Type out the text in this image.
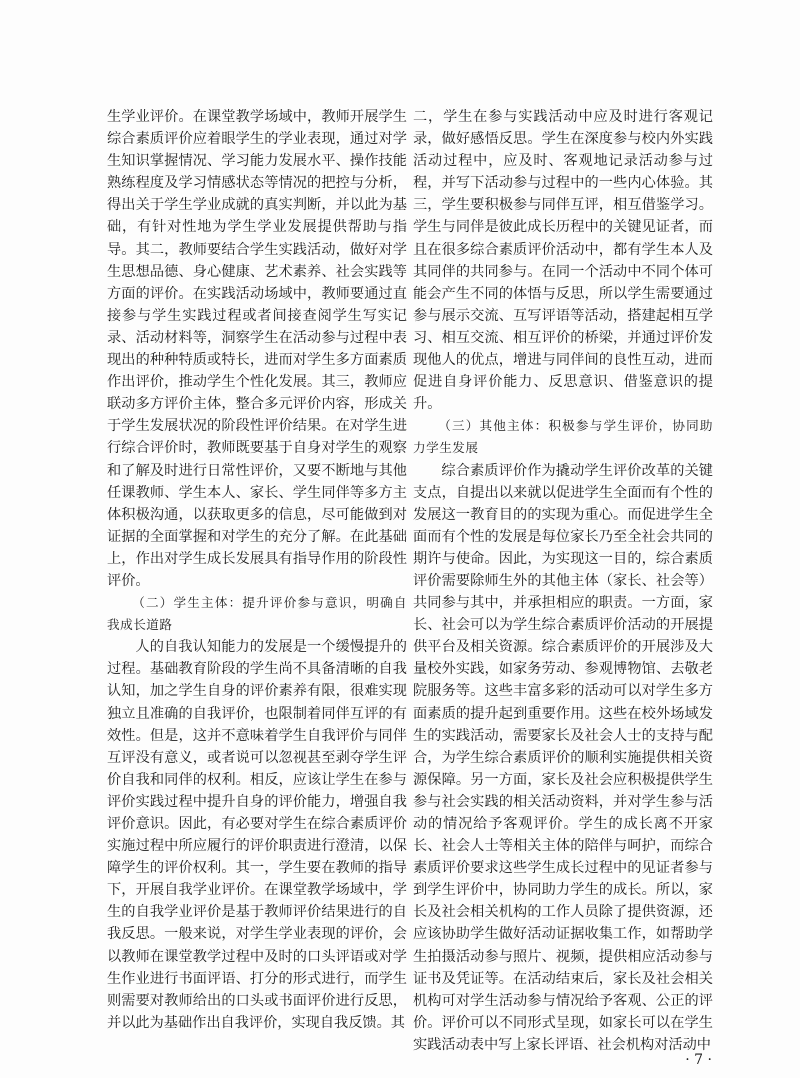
生学业评价。在课堂教学场域中，教师开展学生综合素质评价应着眼学生的学业表现，通过对学生知识掌握情况、学习能力发展水平、操作技能熟练程度及学习情感状态等情况的把控与分析，得出关于学生学业成就的真实判断，并以此为基础，有针对性地为学生学业发展提供帮助与指导。其二，教师要结合学生实践活动，做好对学生思想品德、身心健康、艺术素养、社会实践等方面的评价。在实践活动场域中，教师要通过直接参与学生实践过程或者间接查阅学生写实记录、活动材料等，洞察学生在活动参与过程中表现出的种种特质或特长，进而对学生多方面素质作出评价，推动学生个性化发展。其三，教师应联动多方评价主体，整合多元评价内容，形成关于学生发展状况的阶段性评价结果。在对学生进行综合评价时，教师既要基于自身对学生的观察和了解及时进行日常性评价，又要不断地与其他任课教师、学生本人、家长、学生同伴等多方主体积极沟通，以获取更多的信息，尽可能做到对证据的全面掌握和对学生的充分了解。在此基础上，作出对学生成长发展具有指导作用的阶段性评价。

（二）学生主体：提升评价参与意识，明确自我成长道路

人的自我认知能力的发展是一个缓慢提升的过程。基础教育阶段的学生尚不具备清晰的自我认知，加之学生自身的评价素养有限，很难实现独立且准确的自我评价，也限制着同伴互评的有效性。但是，这并不意味着学生自我评价与同伴互评没有意义，或者说可以忽视甚至剥夺学生评价自我和同伴的权利。相反，应该让学生在参与评价实践过程中提升自身的评价能力，增强自我评价意识。因此，有必要对学生在综合素质评价实施过程中所应履行的评价职责进行澄清，以保障学生的评价权利。其一，学生要在教师的指导下，开展自我学业评价。在课堂教学场域中，学生的自我学业评价是基于教师评价结果进行的自我反思。一般来说，对学生学业表现的评价，会以教师在课堂教学过程中及时的口头评语或对学生作业进行书面评语、打分的形式进行，而学生则需要对教师给出的口头或书面评价进行反思，并以此为基础作出自我评价，实现自我反馈。其

二，学生在参与实践活动中应及时进行客观记录，做好感悟反思。学生在深度参与校内外实践活动过程中，应及时、客观地记录活动参与过程，并写下活动参与过程中的一些内心体验。其三，学生要积极参与同伴互评，相互借鉴学习。学生与同伴是彼此成长历程中的关键见证者，而且在很多综合素质评价活动中，都有学生本人及其同伴的共同参与。在同一个活动中不同个体可能会产生不同的体悟与反思，所以学生需要通过参与展示交流、互写评语等活动，搭建起相互学习、相互交流、相互评价的桥梁，并通过评价发现他人的优点，增进与同伴间的良性互动，进而促进自身评价能力、反思意识、借鉴意识的提升。

（三）其他主体：积极参与学生评价，协同助力学生发展

综合素质评价作为撬动学生评价改革的关键支点，自提出以来就以促进学生全面而有个性的发展这一教育目的的实现为重心。而促进学生全面而有个性的发展是每位家长乃至全社会共同的期许与使命。因此，为实现这一目的，综合素质评价需要除师生外的其他主体（家长、社会等）共同参与其中，并承担相应的职责。一方面，家长、社会可以为学生综合素质评价活动的开展提供平台及相关资源。综合素质评价的开展涉及大量校外实践，如家务劳动、参观博物馆、去敬老院服务等。这些丰富多彩的活动可以对学生多方面素质的提升起到重要作用。这些在校外场域发生的实践活动，需要家长及社会人士的支持与配合，为学生综合素质评价的顺利实施提供相关资源保障。另一方面，家长及社会应积极提供学生参与社会实践的相关活动资料，并对学生参与活动的情况给予客观评价。学生的成长离不开家长、社会人士等相关主体的陪伴与呵护，而综合素质评价要求这些学生成长过程中的见证者参与到学生评价中，协同助力学生的成长。所以，家长及社会相关机构的工作人员除了提供资源，还应该协助学生做好活动证据收集工作，如帮助学生拍摄活动参与照片、视频，提供相应活动参与证书及凭证等。在活动结束后，家长及社会相关机构可对学生活动参与情况给予客观、公正的评价。评价可以不同形式呈现，如家长可以在学生实践活动表中写上家长评语、社会机构对活动中

· 7 ·
